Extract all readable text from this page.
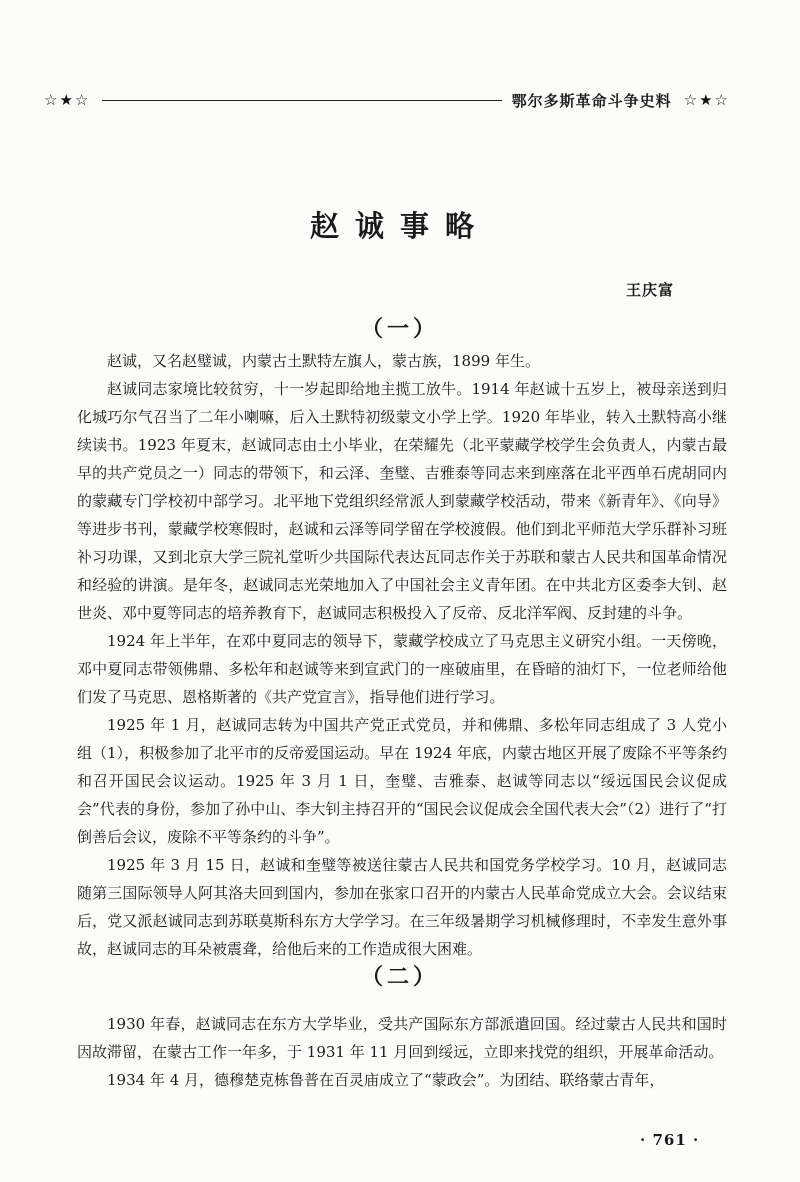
☆★☆	鄂尔多斯革命斗争史料 ☆★☆
赵诚事略
王庆富
（一）

赵诚，又名赵璧诚，内蒙古土默特左旗人，蒙古族，1899 年生。

赵诚同志家境比较贫穷，十一岁起即给地主揽工放牛。1914 年赵诚十五岁上，被母亲送到归化城巧尔气召当了二年小喇嘛，后入土默特初级蒙文小学上学。1920 年毕业，转入土默特高小继续读书。1923 年夏末，赵诚同志由土小毕业，在荣耀先（北平蒙藏学校学生会负责人，内蒙古最早的共产党员之一）同志的带领下，和云泽、奎璧、吉雅泰等同志来到座落在北平西单石虎胡同内的蒙藏专门学校初中部学习。北平地下党组织经常派人到蒙藏学校活动，带来《新青年》、《向导》等进步书刊，蒙藏学校寒假时，赵诚和云泽等同学留在学校渡假。他们到北平师范大学乐群补习班补习功课，又到北京大学三院礼堂听少共国际代表达瓦同志作关于苏联和蒙古人民共和国革命情况和经验的讲演。是年冬，赵诚同志光荣地加入了中国社会主义青年团。在中共北方区委李大钊、赵世炎、邓中夏等同志的培养教育下，赵诚同志积极投入了反帝、反北洋军阀、反封建的斗争。

1924 年上半年，在邓中夏同志的领导下，蒙藏学校成立了马克思主义研究小组。一天傍晚，邓中夏同志带领佛鼎、多松年和赵诚等来到宣武门的一座破庙里，在昏暗的油灯下，一位老师给他们发了马克思、恩格斯著的《共产党宣言》，指导他们进行学习。

1925 年 1 月，赵诚同志转为中国共产党正式党员，并和佛鼎、多松年同志组成了 3 人党小组（1），积极参加了北平市的反帝爱国运动。早在 1924 年底，内蒙古地区开展了废除不平等条约和召开国民会议运动。1925 年 3 月 1 日，奎璧、吉雅泰、赵诚等同志以“绥远国民会议促成会”代表的身份，参加了孙中山、李大钊主持召开的“国民会议促成会全国代表大会”（2）进行了“打倒善后会议，废除不平等条约的斗争”。

1925 年 3 月 15 日，赵诚和奎璧等被送往蒙古人民共和国党务学校学习。10 月，赵诚同志随第三国际领导人阿其洛夫回到国内，参加在张家口召开的内蒙古人民革命党成立大会。会议结束后，党又派赵诚同志到苏联莫斯科东方大学学习。在三年级暑期学习机械修理时，不幸发生意外事故，赵诚同志的耳朵被震聋，给他后来的工作造成很大困难。

（二）

1930 年春，赵诚同志在东方大学毕业，受共产国际东方部派遣回国。经过蒙古人民共和国时因故滞留，在蒙古工作一年多，于 1931 年 11 月回到绥远，立即来找党的组织，开展革命活动。

1934 年 4 月，德穆楚克栋鲁普在百灵庙成立了“蒙政会”。为团结、联络蒙古青年，

· 761 ·
